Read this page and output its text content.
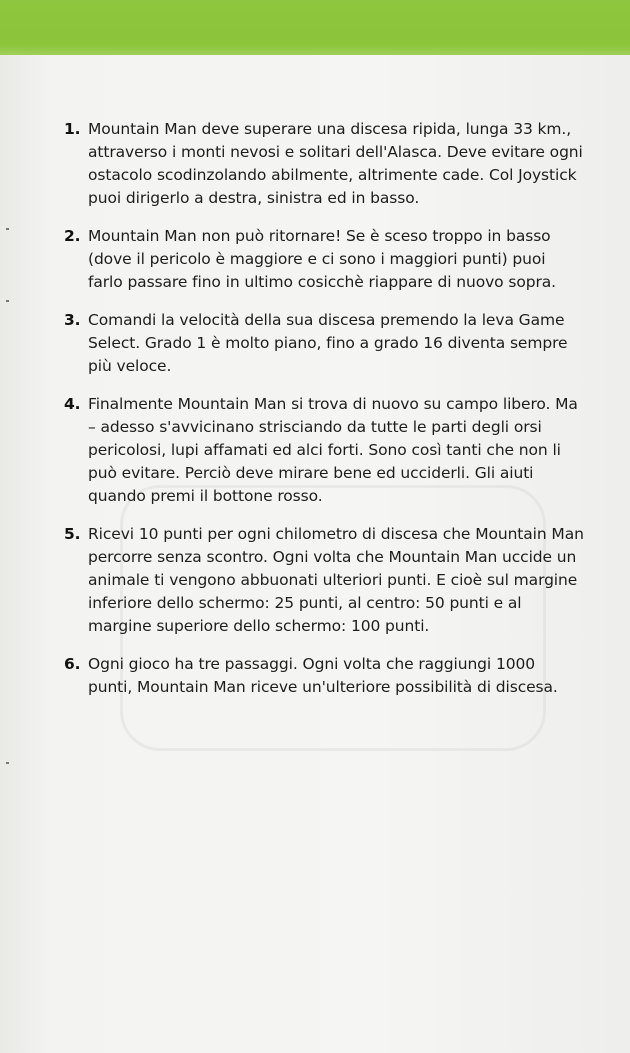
1. Mountain Man deve superare una discesa ripida, lunga 33 km., attraverso i monti nevosi e solitari dell'Alasca. Deve evitare ogni ostacolo scodinzolando abilmente, altrimente cade. Col Joystick puoi dirigerlo a destra, sinistra ed in basso.
2. Mountain Man non può ritornare! Se è sceso troppo in basso (dove il pericolo è maggiore e ci sono i maggiori punti) puoi farlo passare fino in ultimo cosicchè riappare di nuovo sopra.
3. Comandi la velocità della sua discesa premendo la leva Game Select. Grado 1 è molto piano, fino a grado 16 diventa sempre più veloce.
4. Finalmente Mountain Man si trova di nuovo su campo libero. Ma – adesso s'avvicinano strisciando da tutte le parti degli orsi pericolosi, lupi affamati ed alci forti. Sono così tanti che non li può evitare. Perciò deve mirare bene ed ucciderli. Gli aiuti quando premi il bottone rosso.
5. Ricevi 10 punti per ogni chilometro di discesa che Mountain Man percorre senza scontro. Ogni volta che Mountain Man uccide un animale ti vengono abbuonati ulteriori punti. E cioè sul margine inferiore dello schermo: 25 punti, al centro: 50 punti e al margine superiore dello schermo: 100 punti.
6. Ogni gioco ha tre passaggi. Ogni volta che raggiungi 1000 punti, Mountain Man riceve un'ulteriore possibilità di discesa.
